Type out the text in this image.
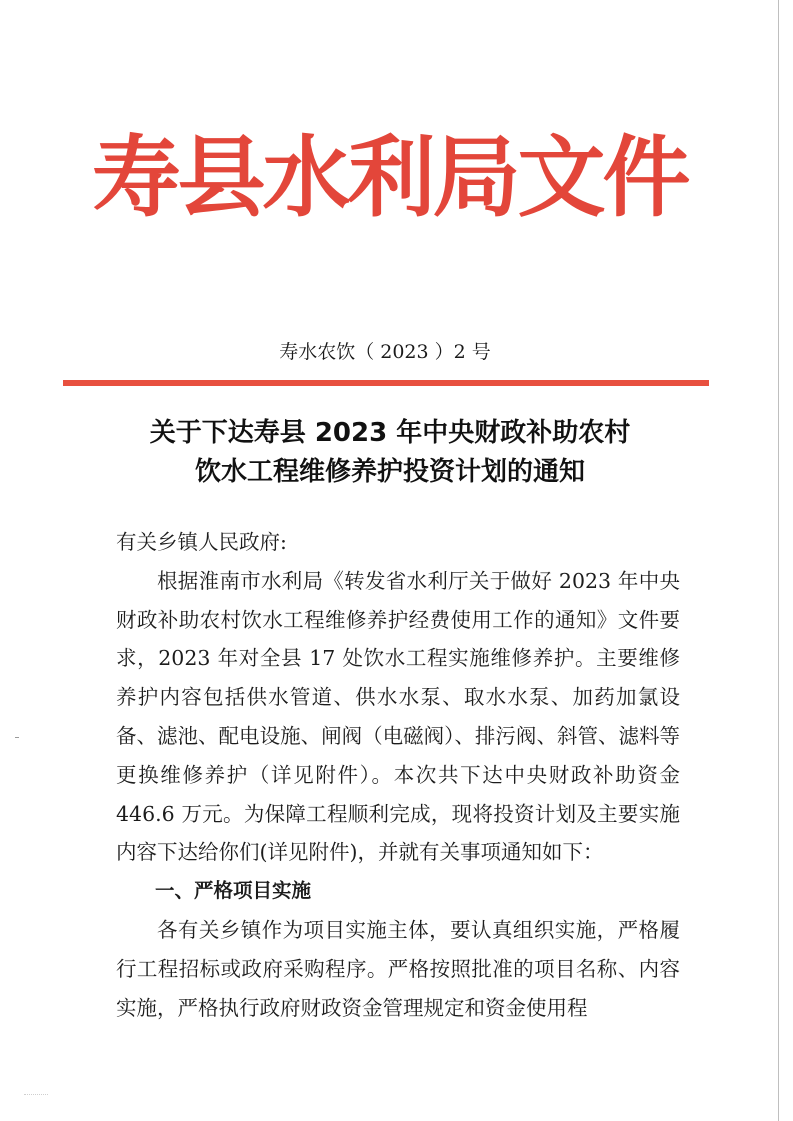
寿县水利局文件
寿水农饮（ 2023 ）2 号
关于下达寿县 2023 年中央财政补助农村
饮水工程维修养护投资计划的通知

有关乡镇人民政府:

根据淮南市水利局《转发省水利厅关于做好 2023 年中央财政补助农村饮水工程维修养护经费使用工作的通知》文件要求，2023 年对全县 17 处饮水工程实施维修养护。主要维修养护内容包括供水管道、供水水泵、取水水泵、加药加氯设备、滤池、配电设施、闸阀（电磁阀）、排污阀、斜管、滤料等更换维修养护（详见附件）。本次共下达中央财政补助资金 446.6 万元。为保障工程顺利完成，现将投资计划及主要实施内容下达给你们(详见附件)，并就有关事项通知如下：

一、严格项目实施

各有关乡镇作为项目实施主体，要认真组织实施，严格履行工程招标或政府采购程序。严格按照批准的项目名称、内容实施，严格执行政府财政资金管理规定和资金使用程
